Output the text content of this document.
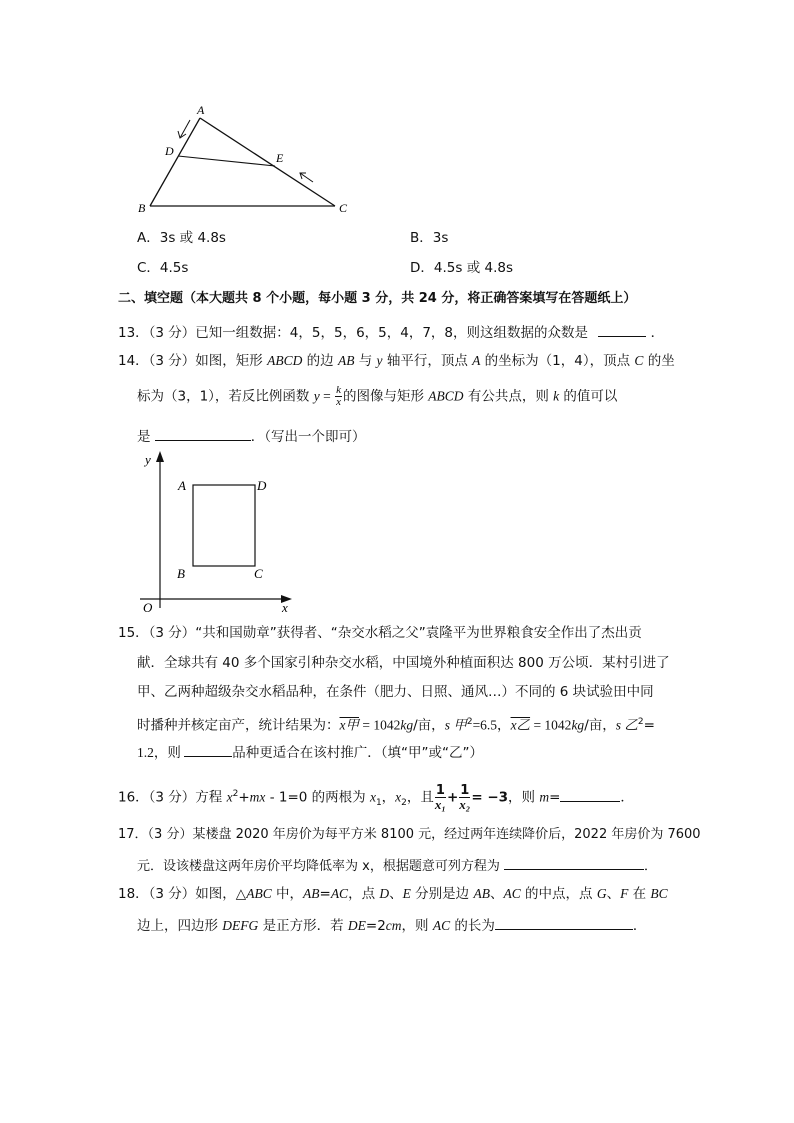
A
D	E
B	C
A．3s 或 4.8s	B．3s
C．4.5s	D．4.5s 或 4.8s
二、填空题（本大题共 8 个小题，每小题 3 分，共 24 分，将正确答案填写在答题纸上）
13．（3 分）已知一组数据：4，5，5，6，5，4，7，8，则这组数据的众数是	．
14．（3 分）如图，矩形 ABCD 的边 AB 与 y 轴平行，顶点 A 的坐标为（1，4），顶点 C 的坐
标为（3，1），若反比例函数 $y = \frac{k}{x}$ 的图像与矩形 ABCD 有公共点，则 k 的值可以
是	．（写出一个即可）
y
x
O
A	D
B	C
15．（3 分）“共和国勋章”获得者、“杂交水稻之父”袁隆平为世界粮食安全作出了杰出贡
献．全球共有 40 多个国家引种杂交水稻，中国境外种植面积达 800 万公顷．某村引进了
甲、乙两种超级杂交水稻品种，在条件（肥力、日照、通风…）不同的 6 块试验田中同
时播种并核定亩产，统计结果为：x甲 = 1042kg/亩，s 甲$^2$=6.5，x乙 = 1042kg/亩，s 乙$^2$=
1.2，则	品种更适合在该村推广．（填“甲”或“乙”）
16．（3 分）方程 $x^2+mx - 1=0$ 的两根为 $x_1$，$x_2$，且 $\frac{1}{\text{x₁}} + \frac{1}{\text{x₂}} = -3$，则 m=	．
17．（3 分）某楼盘 2020 年房价为每平方米 8100 元，经过两年连续降价后，2022 年房价为 7600
元．设该楼盘这两年房价平均降低率为 x，根据题意可列方程为	．
18．（3 分）如图，△ABC 中，AB=AC，点 D、E 分别是边 AB、AC 的中点，点 G、F 在 BC
边上，四边形 DEFG 是正方形．若 DE=2cm，则 AC 的长为	．
